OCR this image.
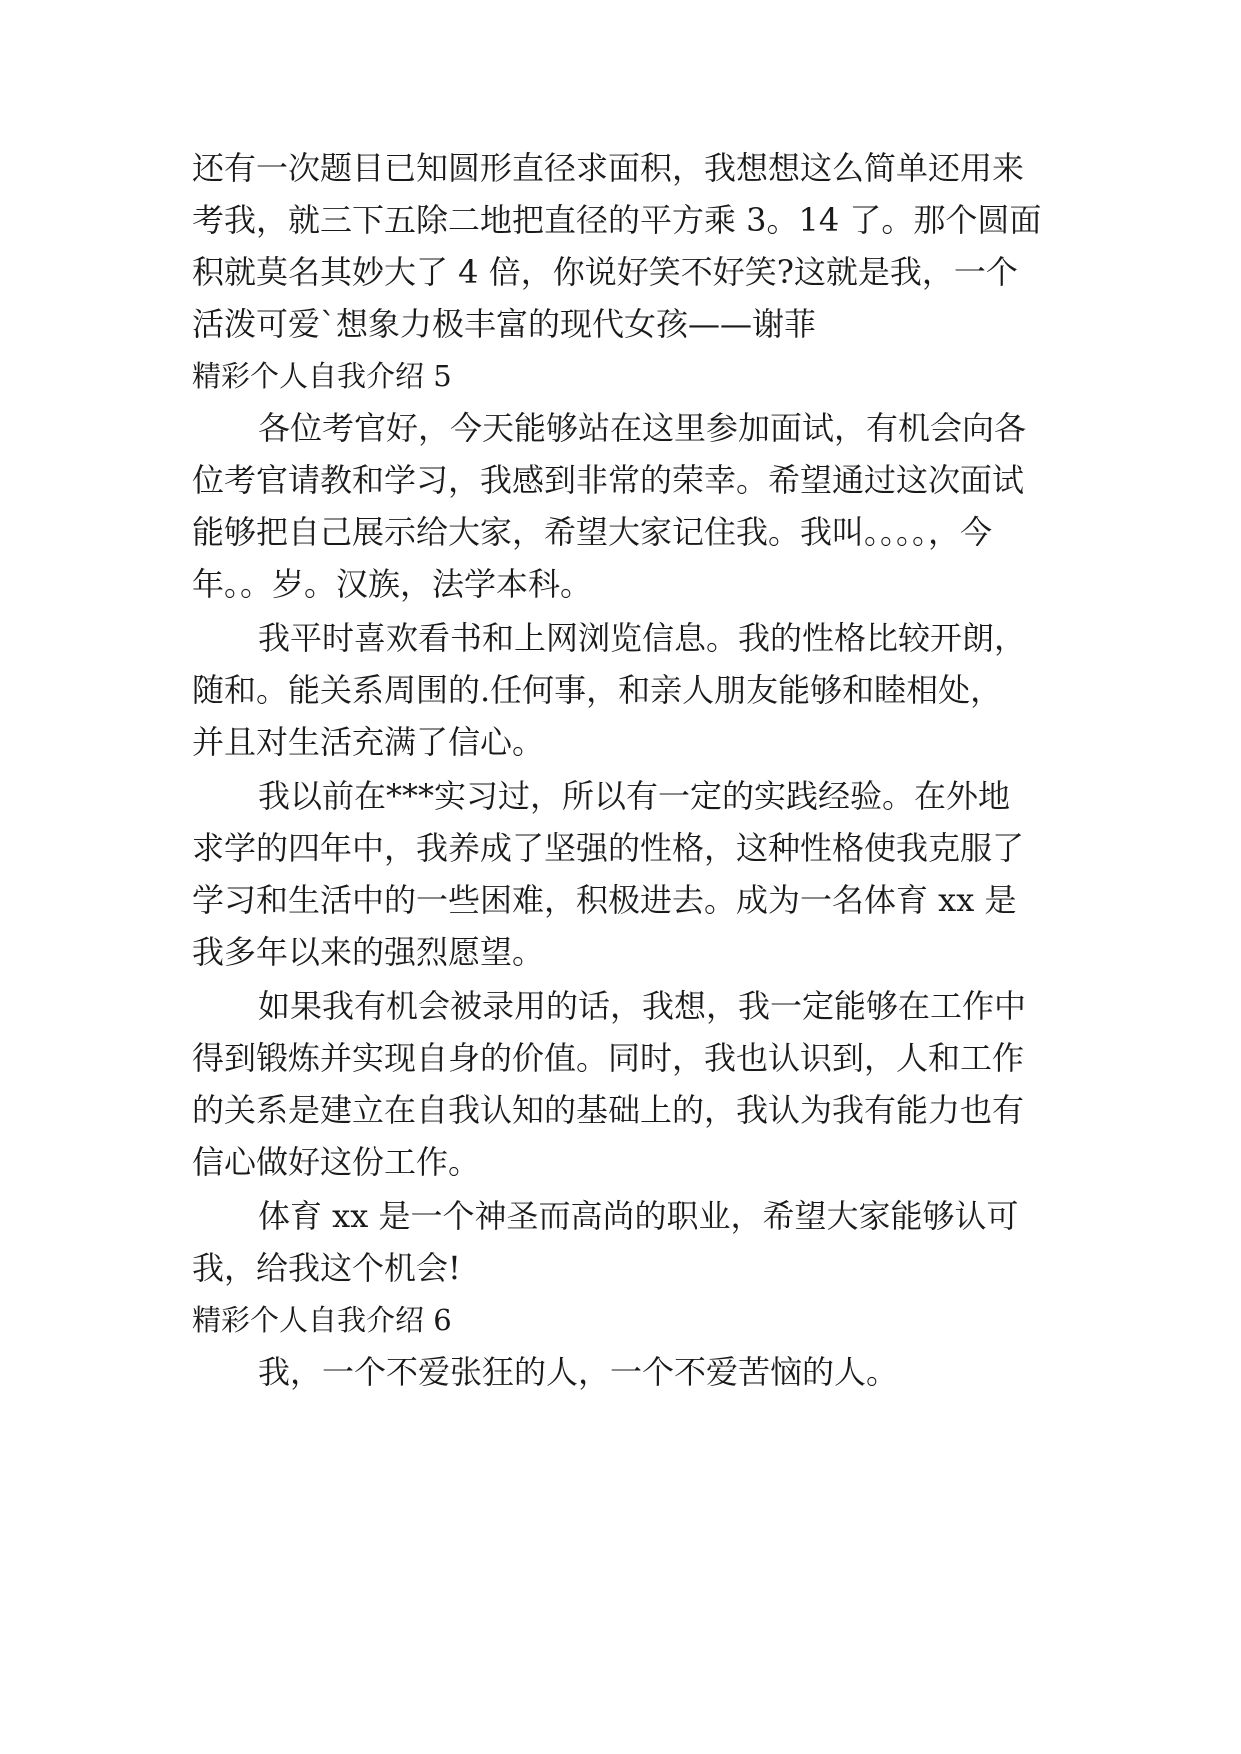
还有一次题目已知圆形直径求面积，我想想这么简单还用来
考我，就三下五除二地把直径的平方乘 3。14 了。那个圆面
积就莫名其妙大了 4 倍，你说好笑不好笑?这就是我，一个
活泼可爱`想象力极丰富的现代女孩——谢菲
精彩个人自我介绍 5
各位考官好，今天能够站在这里参加面试，有机会向各
位考官请教和学习，我感到非常的荣幸。希望通过这次面试
能够把自己展示给大家，希望大家记住我。我叫。。。。，今
年。。岁。汉族，法学本科。
我平时喜欢看书和上网浏览信息。我的性格比较开朗，
随和。能关系周围的.任何事，和亲人朋友能够和睦相处，
并且对生活充满了信心。
我以前在***实习过，所以有一定的实践经验。在外地
求学的四年中，我养成了坚强的性格，这种性格使我克服了
学习和生活中的一些困难，积极进去。成为一名体育 xx 是
我多年以来的强烈愿望。
如果我有机会被录用的话，我想，我一定能够在工作中
得到锻炼并实现自身的价值。同时，我也认识到，人和工作
的关系是建立在自我认知的基础上的，我认为我有能力也有
信心做好这份工作。
体育 xx 是一个神圣而高尚的职业，希望大家能够认可
我，给我这个机会!
精彩个人自我介绍 6
我，一个不爱张狂的人，一个不爱苦恼的人。
